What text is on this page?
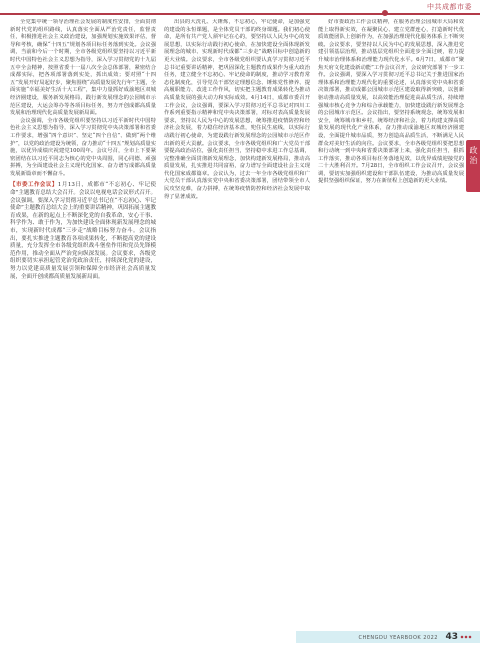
中共成都市委
政治

全党集中统一领导治理社会发展的制度性安排，全面贯彻新时代党的组织路线，认真落实全面从严治党责任，监督责任，积极推进社会主义政治建设，加强规划实施效果评估，督导和考核，确保“十四五”规划各项目标任务落到实处。会议强调，当前和今后一个时期，全市各级党组织要坚持以习近平新时代中国特色社会主义思想为指导，深入学习贯彻党的十九届五中全会精神，按照省委十一届八次全会总体部署，紧密结合成都实际，把各项部署落到实处，抓出成效；要对照“十四五”发展开好局起好步，聚焦围绕“高质量发展先行年”主题，全面实施“幸福美好生活十大工程”，集中力量抓好成渝地区双城经济圈建设，服务新发展格局，践行新发展理念的公园城市示范区建设，大运会筹办等各项目标任务，努力开创成都高质量发展和治理现代化高质量发展新局面。

会议强调，全市各级党组织要坚持以习近平新时代中国特色社会主义思想为指导，深入学习贯彻党中央决策部署和省委工作要求，增强“四个意识”、坚定“四个自信”、做到“两个维护”，以党的政治建设为统领，奋力推动“十四五”规划高质量实施，以优异成绩庆祝建党100周年。会议号召，全市上下要紧密团结在以习近平同志为核心的党中央周围，同心同德、顽强拼搏，为全面建设社会主义现代化国家、奋力谱写成都高质量发展新篇章而不懈奋斗。

【市委工作会议】1月13日，成都市“不忘初心、牢记使命”主题教育总结大会召开。会议以电视电话会议形式召开。会议强调，要深入学习贯彻习近平总书记在“不忘初心、牢记使命”主题教育总结大会上的重要讲话精神，巩固拓展主题教育成果，在新的起点上不断深化党的自我革命，安心干事、科学作为、敢于作为，为加快建设全面体现新发展理念的城市，实现新时代成都“三步走”战略目标努力奋斗。会议指出，要扎实推进主题教育各项成果转化，不断提高党的建设质量，充分发挥全市各级党组织战斗堡垒作用和党员先锋模范作用，推动全面从严治党向纵深发展。会议要求，各级党组织要切实承担起管党治党政治责任，持续深化党的建设，努力以党建高质量发展引领和保障全市经济社会高质量发展，全面开创成都高质量发展新局面。

出县的大洗礼、大锤炼，不忘初心，牢记使命，是加强党的建设的永恒课题，是全体党员干部的终身课题。我们初心使命，是所有共产党人须牢记在心的，要坚持以人民为中心的发展思想，以实际行动践行初心使命，在加快建设全面体现新发展理念的城市、实现新时代成都“三步走”战略目标中创造新的更大业绩。会议要求，全市各级党组织要认真学习贯彻习近平总书记重要讲话精神，把巩固深化主题教育成果作为重大政治任务，建立健全不忘初心、牢记使命的制度，推动学习教育常态化制度化，引导党员干部坚定理想信念、锤炼党性修养、提高履职能力、改进工作作风，切实把主题教育成果转化为推动高质量发展的强大动力和实际成效。4月14日，成都市委召开工作会议，会议强调，要深入学习贯彻习近平总书记对四川工作系列重要指示精神和党中央决策部署，对标对表高质量发展要求，坚持以人民为中心的发展思想，统筹推进疫情防控和经济社会发展，着力稳住经济基本盘，兜住民生底线，以实际行动践行初心使命，为建设践行新发展理念的公园城市示范区作出新的更大贡献。会议要求，全市各级党组织和广大党员干部要提高政治站位，强化责任担当，坚持稳中求进工作总基调，完整准确全面贯彻新发展理念，加快构建新发展格局，推动高质量发展，扎实推进共同富裕，奋力谱写全面建设社会主义现代化国家成都篇章。会议认为，过去一年全市各级党组织和广大党员干部认真落实党中央和省委决策部署，团结带领全市人民攻坚克难，奋力拼搏，在统筹疫情防控和经济社会发展中取得了显著成效。

好市委政治工作会议精神，在服务治理公园城市大局和效能上取得新实效，在凝聚民心、建立党群连心，打造新时代优质效能团队上创新作为，在加强治理现代化服务体系上不断突破。会议要求，要坚持以人民为中心的发展思想，深入推进党建引领基层治理，推动基层党组织全面进步全面过硬，着力提升城市治理体系和治理能力现代化水平。6月7日，成都市“聚焦天府文化建设新动能”工作会议召开，会议研究部署下一步工作。会议强调，要深入学习贯彻习近平总书记关于推进国家治理体系和治理能力现代化的重要论述，认真落实党中央和省委决策部署，推动成都公园城市示范区建设取得新突破，以创新驱动推动高质量发展，以高效能治理促进高品质生活，持续增强城市核心竞争力和综合承载能力，加快建设践行新发展理念的公园城市示范区。会议指出，要坚持系统观念，统筹发展和安全，统筹城市和乡村，统筹经济和社会，着力构建支撑高质量发展的现代化产业体系，奋力推动成渝地区双城经济圈建设，全面提升城市品质，努力创造高品质生活，不断满足人民群众对美好生活的向往。会议要求，全市各级党组织要把思想和行动统一到中央和省委决策部署上来，强化责任担当，狠抓工作落实，推动各项目标任务落地见效，以优异成绩迎接党的二十大胜利召开。7月28日，全市组织工作会议召开，会议强调，要切实加强组织建设和干部队伍建设，为推动高质量发展提供坚强组织保证，努力在新征程上创造新的更大业绩。

CHENGDU YEARBOOK 2022 43
